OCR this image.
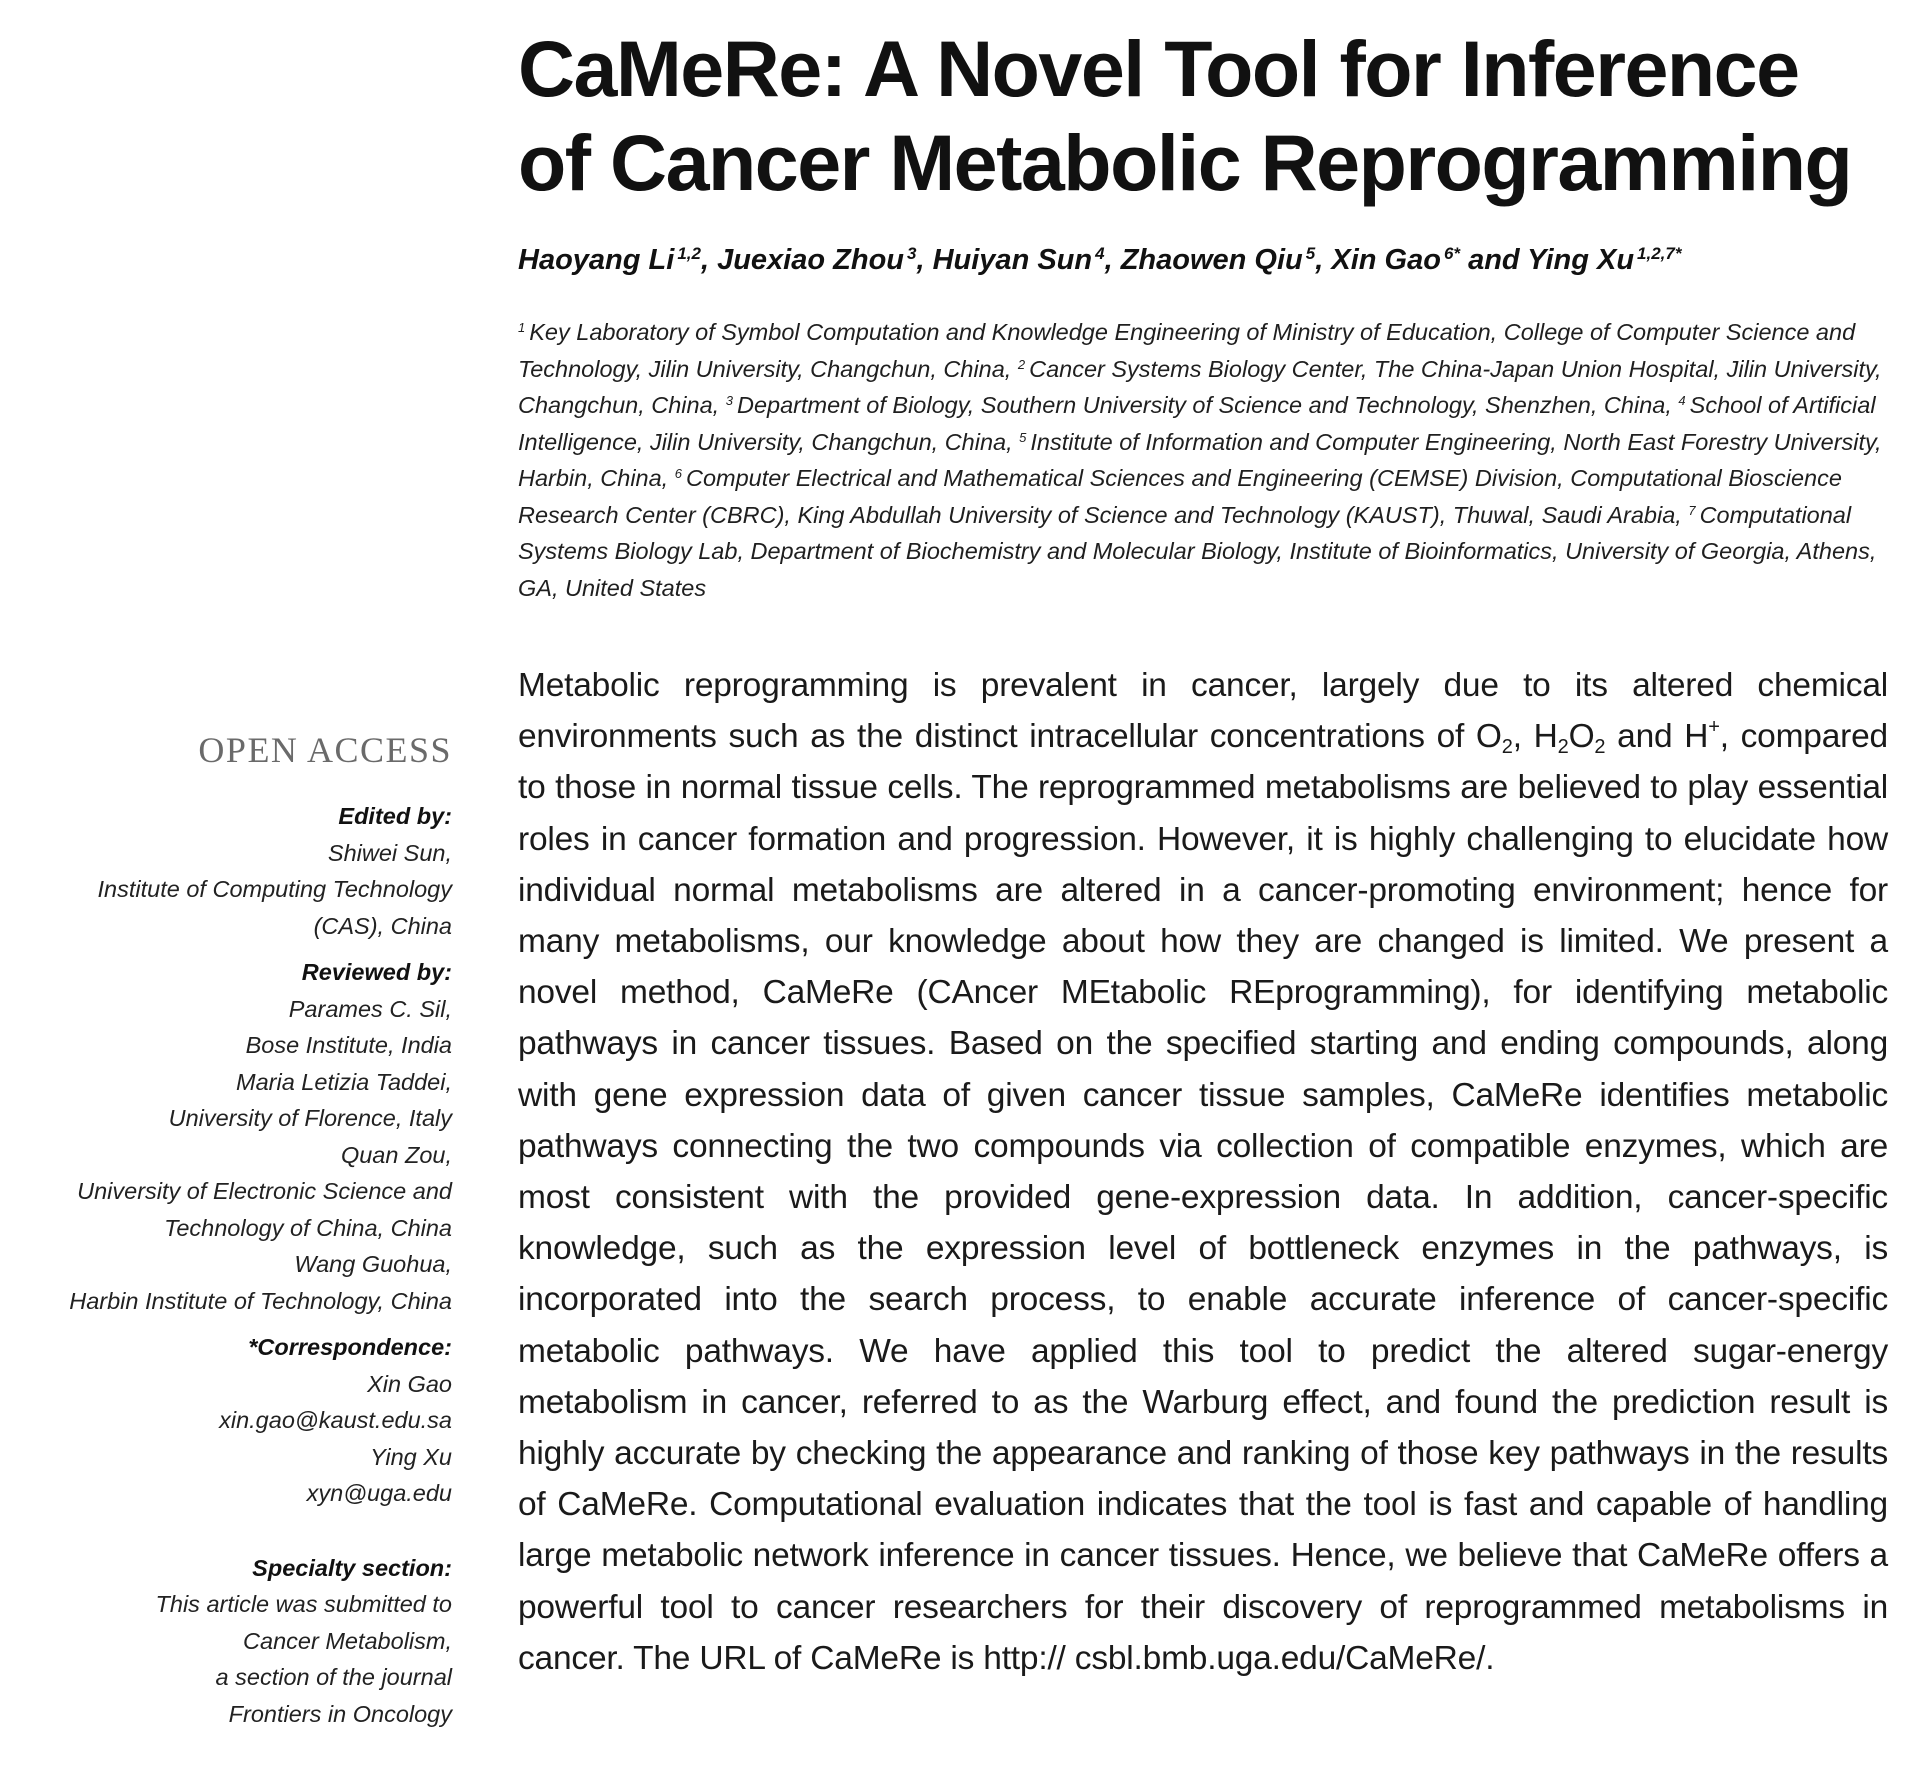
CaMeRe: A Novel Tool for Inference
of Cancer Metabolic Reprogramming
Haoyang Li $^{1,2}$, Juexiao Zhou $^3$, Huiyan Sun $^4$, Zhaowen Qiu $^5$, Xin Gao $^{6*}$ and Ying Xu $^{1,2,7*}$
$^1$ Key Laboratory of Symbol Computation and Knowledge Engineering of Ministry of Education, College of Computer Science and Technology, Jilin University, Changchun, China, $^2$ Cancer Systems Biology Center, The China-Japan Union Hospital, Jilin University, Changchun, China, $^3$ Department of Biology, Southern University of Science and Technology, Shenzhen, China, $^4$ School of Artificial Intelligence, Jilin University, Changchun, China, $^5$ Institute of Information and Computer Engineering, North East Forestry University, Harbin, China, $^6$ Computer Electrical and Mathematical Sciences and Engineering (CEMSE) Division, Computational Bioscience Research Center (CBRC), King Abdullah University of Science and Technology (KAUST), Thuwal, Saudi Arabia, $^7$ Computational Systems Biology Lab, Department of Biochemistry and Molecular Biology, Institute of Bioinformatics, University of Georgia, Athens, GA, United States

Metabolic reprogramming is prevalent in cancer, largely due to its altered chemical environments such as the distinct intracellular concentrations of $O_2$, $H_2O_2$ and H+, compared to those in normal tissue cells. The reprogrammed metabolisms are believed to play essential roles in cancer formation and progression. However, it is highly challenging to elucidate how individual normal metabolisms are altered in a cancer-promoting environment; hence for many metabolisms, our knowledge about how they are changed is limited. We present a novel method, CaMeRe (CAncer MEtabolic REprogramming), for identifying metabolic pathways in cancer tissues. Based on the specified starting and ending compounds, along with gene expression data of given cancer tissue samples, CaMeRe identifies metabolic pathways connecting the two compounds via collection of compatible enzymes, which are most consistent with the provided gene-expression data. In addition, cancer-specific knowledge, such as the expression level of bottleneck enzymes in the pathways, is incorporated into the search process, to enable accurate inference of cancer-specific metabolic pathways. We have applied this tool to predict the altered sugar-energy metabolism in cancer, referred to as the Warburg effect, and found the prediction result is highly accurate by checking the appearance and ranking of those key pathways in the results of CaMeRe. Computational evaluation indicates that the tool is fast and capable of handling large metabolic network inference in cancer tissues. Hence, we believe that CaMeRe offers a powerful tool to cancer researchers for their discovery of reprogrammed metabolisms in cancer. The URL of CaMeRe is http:// csbl.bmb.uga.edu/CaMeRe/.

OPEN ACCESS
Edited by:
Shiwei Sun,
Institute of Computing Technology
(CAS), China
Reviewed by:
Parames C. Sil,
Bose Institute, India
Maria Letizia Taddei,
University of Florence, Italy
Quan Zou,
University of Electronic Science and
Technology of China, China
Wang Guohua,
Harbin Institute of Technology, China
*Correspondence:
Xin Gao
xin.gao@kaust.edu.sa
Ying Xu
xyn@uga.edu
Specialty section:
This article was submitted to
Cancer Metabolism,
a section of the journal
Frontiers in Oncology
